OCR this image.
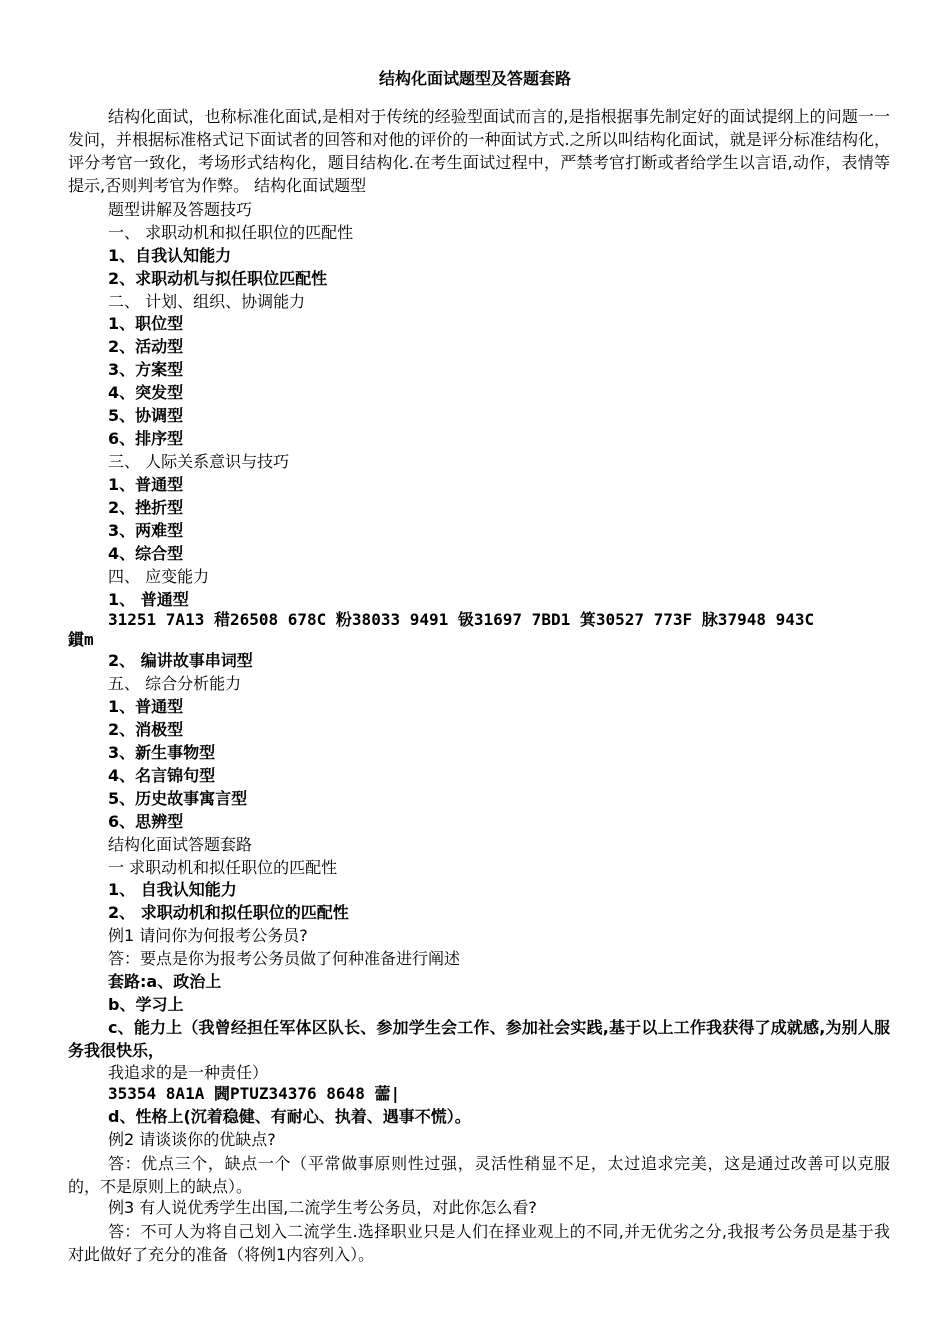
结构化面试题型及答题套路
结构化面试，也称标准化面试,是相对于传统的经验型面试而言的,是指根据事先制定好的面试提纲上的问题一一发问，并根据标准格式记下面试者的回答和对他的评价的一种面试方式.之所以叫结构化面试，就是评分标准结构化，评分考官一致化，考场形式结构化，题目结构化.在考生面试过程中，严禁考官打断或者给学生以言语,动作，表情等提示,否则判考官为作弊。 结构化面试题型
题型讲解及答题技巧
一、 求职动机和拟任职位的匹配性
1、自我认知能力
2、求职动机与拟任职位匹配性
二、 计划、组织、协调能力
1、职位型
2、活动型
3、方案型
4、突发型
5、协调型
6、排序型
三、 人际关系意识与技巧
1、普通型
2、挫折型
3、两难型
4、综合型
四、 应变能力
1、 普通型
31251 7A13 稓26508 678C 粉38033 9491 钑31697 7BD1 箕30527 773F 脉37948 943C
鏆m
2、 编讲故事串词型
五、 综合分析能力
1、普通型
2、消极型
3、新生事物型
4、名言锦句型
5、历史故事寓言型
6、思辨型
结构化面试答题套路
一 求职动机和拟任职位的匹配性
1、 自我认知能力
2、 求职动机和拟任职位的匹配性
例1 请问你为何报考公务员?
答：要点是你为报考公务员做了何种准备进行阐述
套路:a、政治上
b、学习上
c、能力上（我曾经担任军体区队长、参加学生会工作、参加社会实践,基于以上工作我获得了成就感,为别人服务我很快乐，
我追求的是一种责任）
35354 8A1A 閪PTUZ34376 8648 蘦|
d、性格上(沉着稳健、有耐心、执着、遇事不慌）。
例2 请谈谈你的优缺点?
答：优点三个，缺点一个（平常做事原则性过强，灵活性稍显不足，太过追求完美，这是通过改善可以克服的，不是原则上的缺点）。
例3 有人说优秀学生出国,二流学生考公务员，对此你怎么看?
答：不可人为将自己划入二流学生.选择职业只是人们在择业观上的不同,并无优劣之分,我报考公务员是基于我对此做好了充分的准备（将例1内容列入）。
